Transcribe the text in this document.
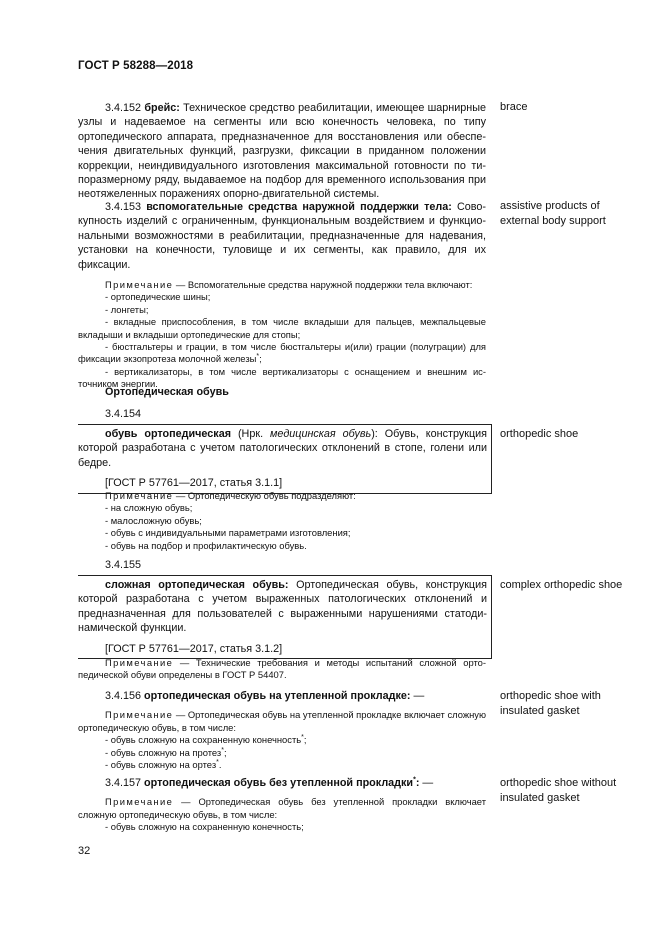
ГОСТ Р 58288—2018

3.4.152 брейс: Техническое средство реабилитации, имеющее шарнирные узлы и надеваемое на сегменты или всю конечность человека, по типу ортопедического аппарата, предназначенное для восстановления или обеспечения двигательных функций, разгрузки, фиксации в приданном положении коррекции, неиндивидуального изготовления максимальной готовности по типоразмерному ряду, выдаваемое на подбор для временного использования при неотяжеленных поражениях опорно-двигательной системы.

brace

3.4.153 вспомогательные средства наружной поддержки тела: Совокупность изделий с ограниченным, функциональным воздействием и функциональными возможностями в реабилитации, предназначенные для надевания, установки на конечности, туловище и их сегменты, как правило, для их фиксации.

Примечание — Вспомогательные средства наружной поддержки тела включают:

- ортопедические шины;

- лонгеты;

- вкладные приспособления, в том числе вкладыши для пальцев, межпальцевые вкладыши и вкладыши ортопедические для стопы;

- бюстгальтеры и грации, в том числе бюстгальтеры и(или) грации (полуграции) для фиксации экзопротеза молочной железы*;

- вертикализаторы, в том числе вертикализаторы с оснащением и внешним источником энергии.

assistive products of external body support
Ортопедическая обувь

3.4.154

обувь ортопедическая (Нрк. медицинская обувь): Обувь, конструкция которой разработана с учетом патологических отклонений в стопе, голени или бедре.

[ГОСТ Р 57761—2017, статья 3.1.1]
orthopedic shoe

Примечание — Ортопедическую обувь подразделяют:

- на сложную обувь;

- малосложную обувь;

- обувь с индивидуальными параметрами изготовления;

- обувь на подбор и профилактическую обувь.

3.4.155

сложная ортопедическая обувь: Ортопедическая обувь, конструкция которой разработана с учетом выраженных патологических отклонений и предназначенная для пользователей с выраженными нарушениями статодинамической функции.

[ГОСТ Р 57761—2017, статья 3.1.2]
complex orthopedic shoe

Примечание — Технические требования и методы испытаний сложной ортопедической обуви определены в ГОСТ Р 54407.

3.4.156 ортопедическая обувь на утепленной прокладке: —

Примечание — Ортопедическая обувь на утепленной прокладке включает сложную ортопедическую обувь, в том числе:

- обувь сложную на сохраненную конечность*;

- обувь сложную на протез*;

- обувь сложную на ортез*.

orthopedic shoe with insulated gasket

3.4.157 ортопедическая обувь без утепленной прокладки*: —

Примечание — Ортопедическая обувь без утепленной прокладки включает сложную ортопедическую обувь, в том числе:

- обувь сложную на сохраненную конечность;

orthopedic shoe without insulated gasket
32
